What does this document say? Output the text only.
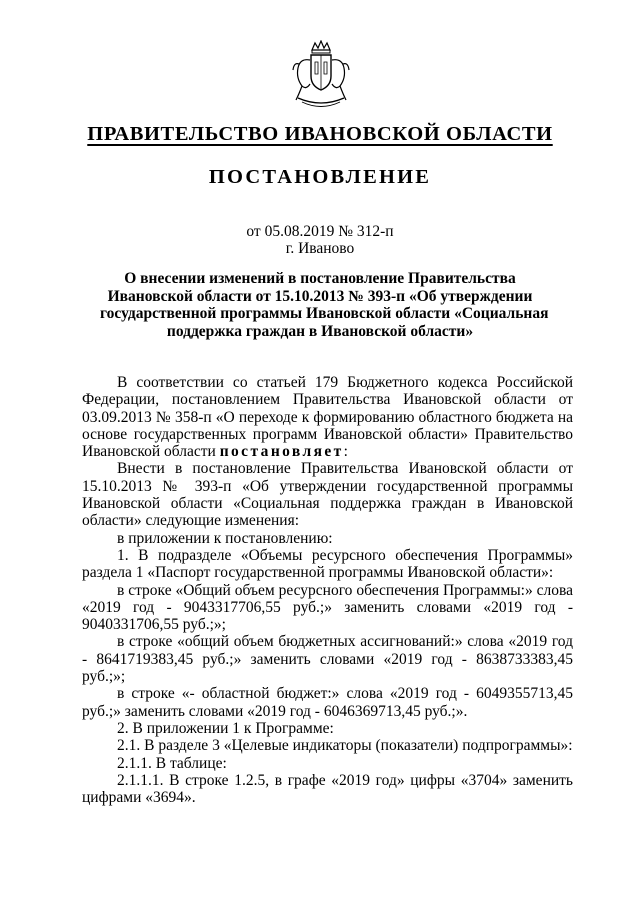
ПРАВИТЕЛЬСТВО ИВАНОВСКОЙ ОБЛАСТИ
ПОСТАНОВЛЕНИЕ
от 05.08.2019 № 312-п
г. Иваново
О внесении изменений в постановление Правительства
Ивановской области от 15.10.2013 № 393-п «Об утверждении
государственной программы Ивановской области «Социальная
поддержка граждан в Ивановской области»

В соответствии со статьей 179 Бюджетного кодекса Российской Федерации, постановлением Правительства Ивановской области от 03.09.2013 № 358-п «О переходе к формированию областного бюджета на основе государственных программ Ивановской области» Правительство Ивановской области постановляет:

Внести в постановление Правительства Ивановской области от 15.10.2013 № 393-п «Об утверждении государственной программы Ивановской области «Социальная поддержка граждан в Ивановской области» следующие изменения:

в приложении к постановлению:

1. В подразделе «Объемы ресурсного обеспечения Программы» раздела 1 «Паспорт государственной программы Ивановской области»:

в строке «Общий объем ресурсного обеспечения Программы:» слова «2019 год - 9043317706,55 руб.;» заменить словами «2019 год - 9040331706,55 руб.;»;

в строке «общий объем бюджетных ассигнований:» слова «2019 год - 8641719383,45 руб.;» заменить словами «2019 год - 8638733383,45 руб.;»;

в строке «- областной бюджет:» слова «2019 год - 6049355713,45 руб.;» заменить словами «2019 год - 6046369713,45 руб.;».

2. В приложении 1 к Программе:

2.1. В разделе 3 «Целевые индикаторы (показатели) подпрограммы»:

2.1.1. В таблице:

2.1.1.1. В строке 1.2.5, в графе «2019 год» цифры «3704» заменить цифрами «3694».
